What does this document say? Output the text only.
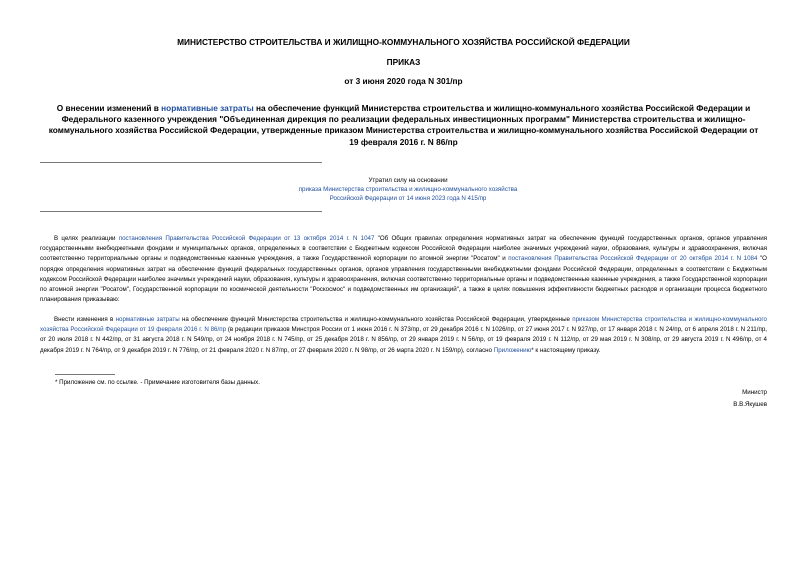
МИНИСТЕРСТВО СТРОИТЕЛЬСТВА И ЖИЛИЩНО-КОММУНАЛЬНОГО ХОЗЯЙСТВА РОССИЙСКОЙ ФЕДЕРАЦИИ
ПРИКАЗ
от 3 июня 2020 года N 301/пр
О внесении изменений в нормативные затраты на обеспечение функций Министерства строительства и жилищно-коммунального хозяйства Российской Федерации и Федерального казенного учреждения "Объединенная дирекция по реализации федеральных инвестиционных программ" Министерства строительства и жилищно-коммунального хозяйства Российской Федерации, утвержденные приказом Министерства строительства и жилищно-коммунального хозяйства Российской Федерации от 19 февраля 2016 г. N 86/пр
Утратил силу на основании
приказа Министерства строительства и жилищно-коммунального хозяйства
Российской Федерации от 14 июня 2023 года N 415/пр

В целях реализации постановления Правительства Российской Федерации от 13 октября 2014 г. N 1047 "Об Общих правилах определения нормативных затрат на обеспечение функций государственных органов, органов управления государственными внебюджетными фондами и муниципальных органов, определенных в соответствии с Бюджетным кодексом Российской Федерации наиболее значимых учреждений науки, образования, культуры и здравоохранения, включая соответственно территориальные органы и подведомственные казенные учреждения, а также Государственной корпорации по атомной энергии "Росатом" и постановления Правительства Российской Федерации от 20 октября 2014 г. N 1084 "О порядке определения нормативных затрат на обеспечение функций федеральных государственных органов, органов управления государственными внебюджетными фондами Российской Федерации, определенных в соответствии с Бюджетным кодексом Российской Федерации наиболее значимых учреждений науки, образования, культуры и здравоохранения, включая соответственно территориальные органы и подведомственные казенные учреждения, а также Государственной корпорации по атомной энергии "Росатом", Государственной корпорации по космической деятельности "Роскосмос" и подведомственных им организаций", а также в целях повышения эффективности бюджетных расходов и организации процесса бюджетного планирования приказываю:

Внести изменения в нормативные затраты на обеспечение функций Министерства строительства и жилищно-коммунального хозяйства Российской Федерации, утвержденные приказом Министерства строительства и жилищно-коммунального хозяйства Российской Федерации от 19 февраля 2016 г. N 86/пр (в редакции приказов Минстроя России от 1 июня 2016 г. N 373/пр, от 29 декабря 2016 г. N 1026/пр, от 27 июня 2017 г. N 927/пр, от 17 января 2018 г. N 24/пр, от 6 апреля 2018 г. N 211/пр, от 20 июля 2018 г. N 442/пр, от 31 августа 2018 г. N 549/пр, от 24 ноября 2018 г. N 745/пр, от 25 декабря 2018 г. N 856/пр, от 29 января 2019 г. N 56/пр, от 19 февраля 2019 г. N 112/пр, от 29 мая 2019 г. N 308/пр, от 29 августа 2019 г. N 496/пр, от 4 декабря 2019 г. N 764/пр, от 9 декабря 2019 г. N 776/пр, от 21 февраля 2020 г. N 87/пр, от 27 февраля 2020 г. N 98/пр, от 26 марта 2020 г. N 159/пр), согласно Приложению* к настоящему приказу.

* Приложение см. по ссылке. - Примечание изготовителя базы данных.
Министр
В.В.Якушев
